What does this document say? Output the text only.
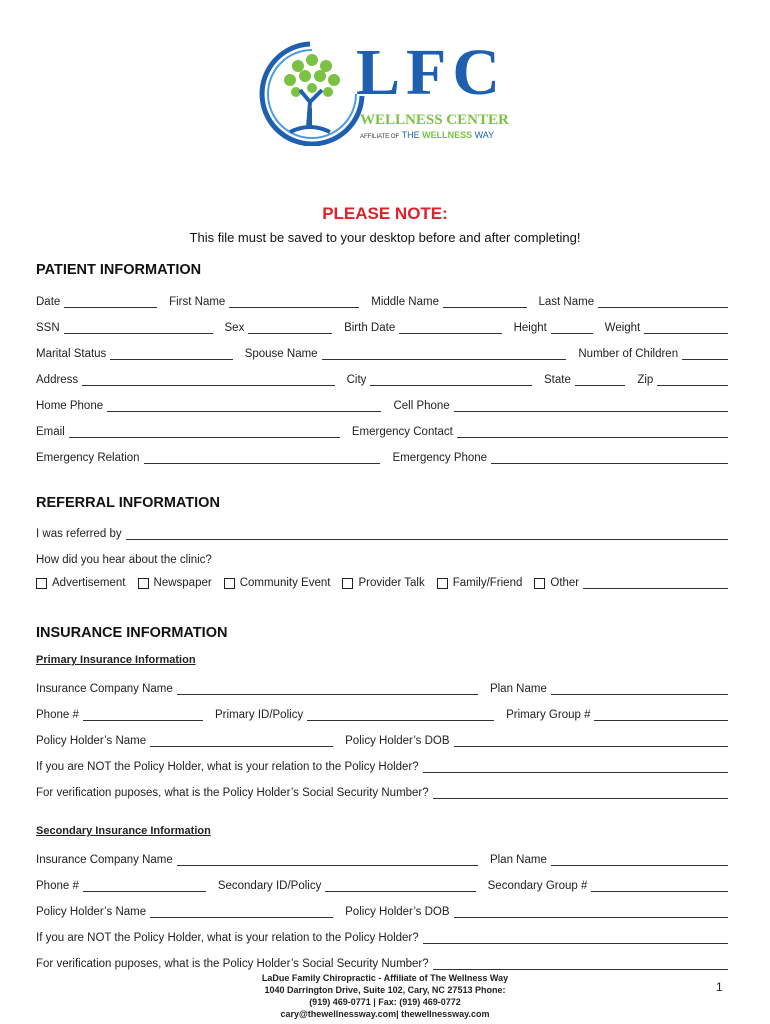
LFC
WELLNESS CENTER
AFFILIATE OF THE WELLNESS WAY
PLEASE NOTE:
This file must be saved to your desktop before and after completing!
PATIENT INFORMATION
Date	First Name	Middle Name	Last Name
SSN	Sex	Birth Date	Height	Weight
Marital Status	Spouse Name	Number of Children
Address	City	State	Zip
Home Phone	Cell Phone
Email	Emergency Contact
Emergency Relation	Emergency Phone
REFERRAL INFORMATION
I was referred by
How did you hear about the clinic?
Advertisement Newspaper Community Event Provider Talk Family/Friend Other
INSURANCE INFORMATION
Primary Insurance Information
Insurance Company Name	Plan Name
Phone #	Primary ID/Policy	Primary Group #
Policy Holder’s Name	Policy Holder’s DOB
If you are NOT the Policy Holder, what is your relation to the Policy Holder?
For verification puposes, what is the Policy Holder’s Social Security Number?
Secondary Insurance Information
Insurance Company Name	Plan Name
Phone #	Secondary ID/Policy	Secondary Group #
Policy Holder’s Name	Policy Holder’s DOB
If you are NOT the Policy Holder, what is your relation to the Policy Holder?
For verification puposes, what is the Policy Holder’s Social Security Number?
LaDue Family Chiropractic - Affiliate of The Wellness Way
1040 Darrington Drive, Suite 102, Cary, NC 27513 Phone:
(919) 469-0771 | Fax: (919) 469-0772
cary@thewellnessway.com| thewellnessway.com
1
